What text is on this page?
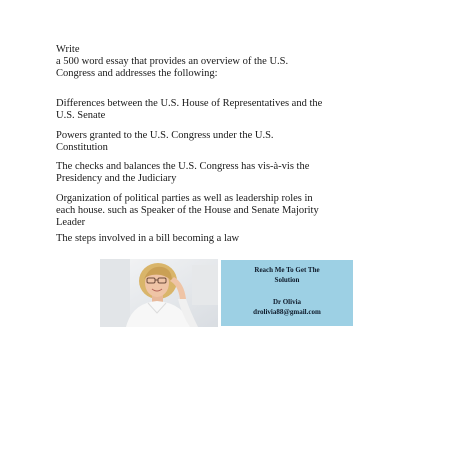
Write
a 500 word essay that provides an overview of the U.S.
Congress and addresses the following:

Differences between the U.S. House of Representatives and the
U.S. Senate

Powers granted to the U.S. Congress under the U.S.
Constitution

The checks and balances the U.S. Congress has vis-à-vis the
Presidency and the Judiciary

Organization of political parties as well as leadership roles in
each house. such as Speaker of the House and Senate Majority
Leader

The steps involved in a bill becoming a law

Reach Me To Get The
Solution
Dr Olivia
drolivia88@gmail.com
